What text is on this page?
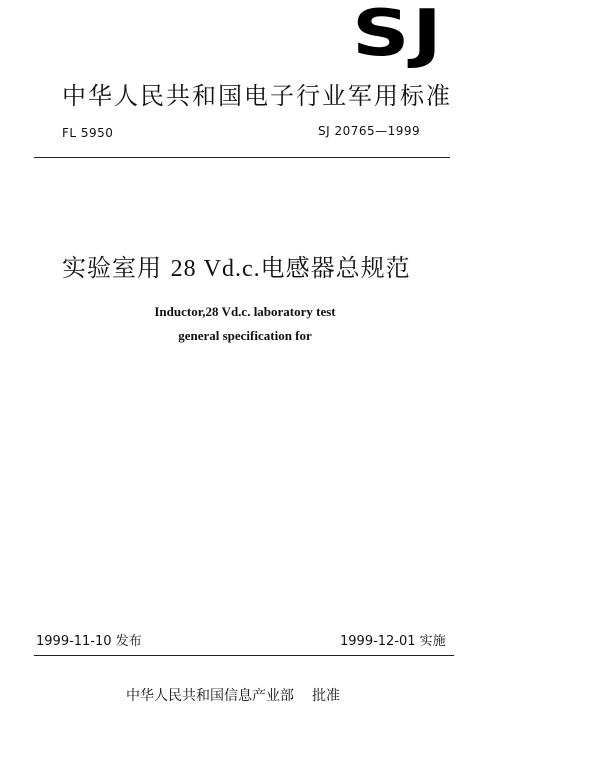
SJ
中华人民共和国电子行业军用标准
FL 5950	SJ 20765—1999
实验室用 28 Vd.c.电感器总规范
Inductor,28 Vd.c. laboratory test
general specification for
1999-11-10 发布	1999-12-01 实施
中华人民共和国信息产业部 批准
